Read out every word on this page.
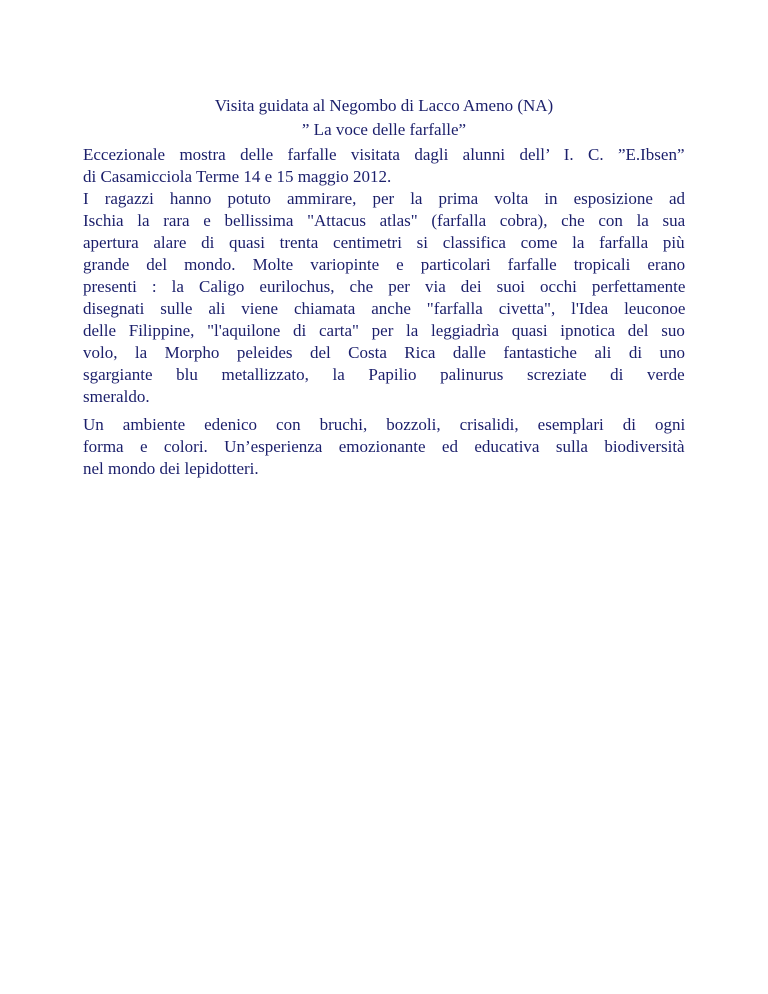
Visita guidata al Negombo di Lacco Ameno (NA)
” La voce delle farfalle”
Eccezionale mostra delle farfalle visitata dagli alunni dell’ I. C. ”E.Ibsen”
di Casamicciola Terme 14 e 15 maggio 2012.
I ragazzi hanno potuto ammirare, per la prima volta in esposizione ad
Ischia la rara e bellissima "Attacus atlas" (farfalla cobra), che con la sua
apertura alare di quasi trenta centimetri si classifica come la farfalla più
grande del mondo. Molte variopinte e particolari farfalle tropicali erano
presenti : la Caligo eurilochus, che per via dei suoi occhi perfettamente
disegnati sulle ali viene chiamata anche "farfalla civetta", l'Idea leuconoe
delle Filippine, "l'aquilone di carta" per la leggiadrìa quasi ipnotica del suo
volo, la Morpho peleides del Costa Rica dalle fantastiche ali di uno
sgargiante blu metallizzato, la Papilio palinurus screziate di verde
smeraldo.
Un ambiente edenico con bruchi, bozzoli, crisalidi, esemplari di ogni
forma e colori. Un’esperienza emozionante ed educativa sulla biodiversità
nel mondo dei lepidotteri.
